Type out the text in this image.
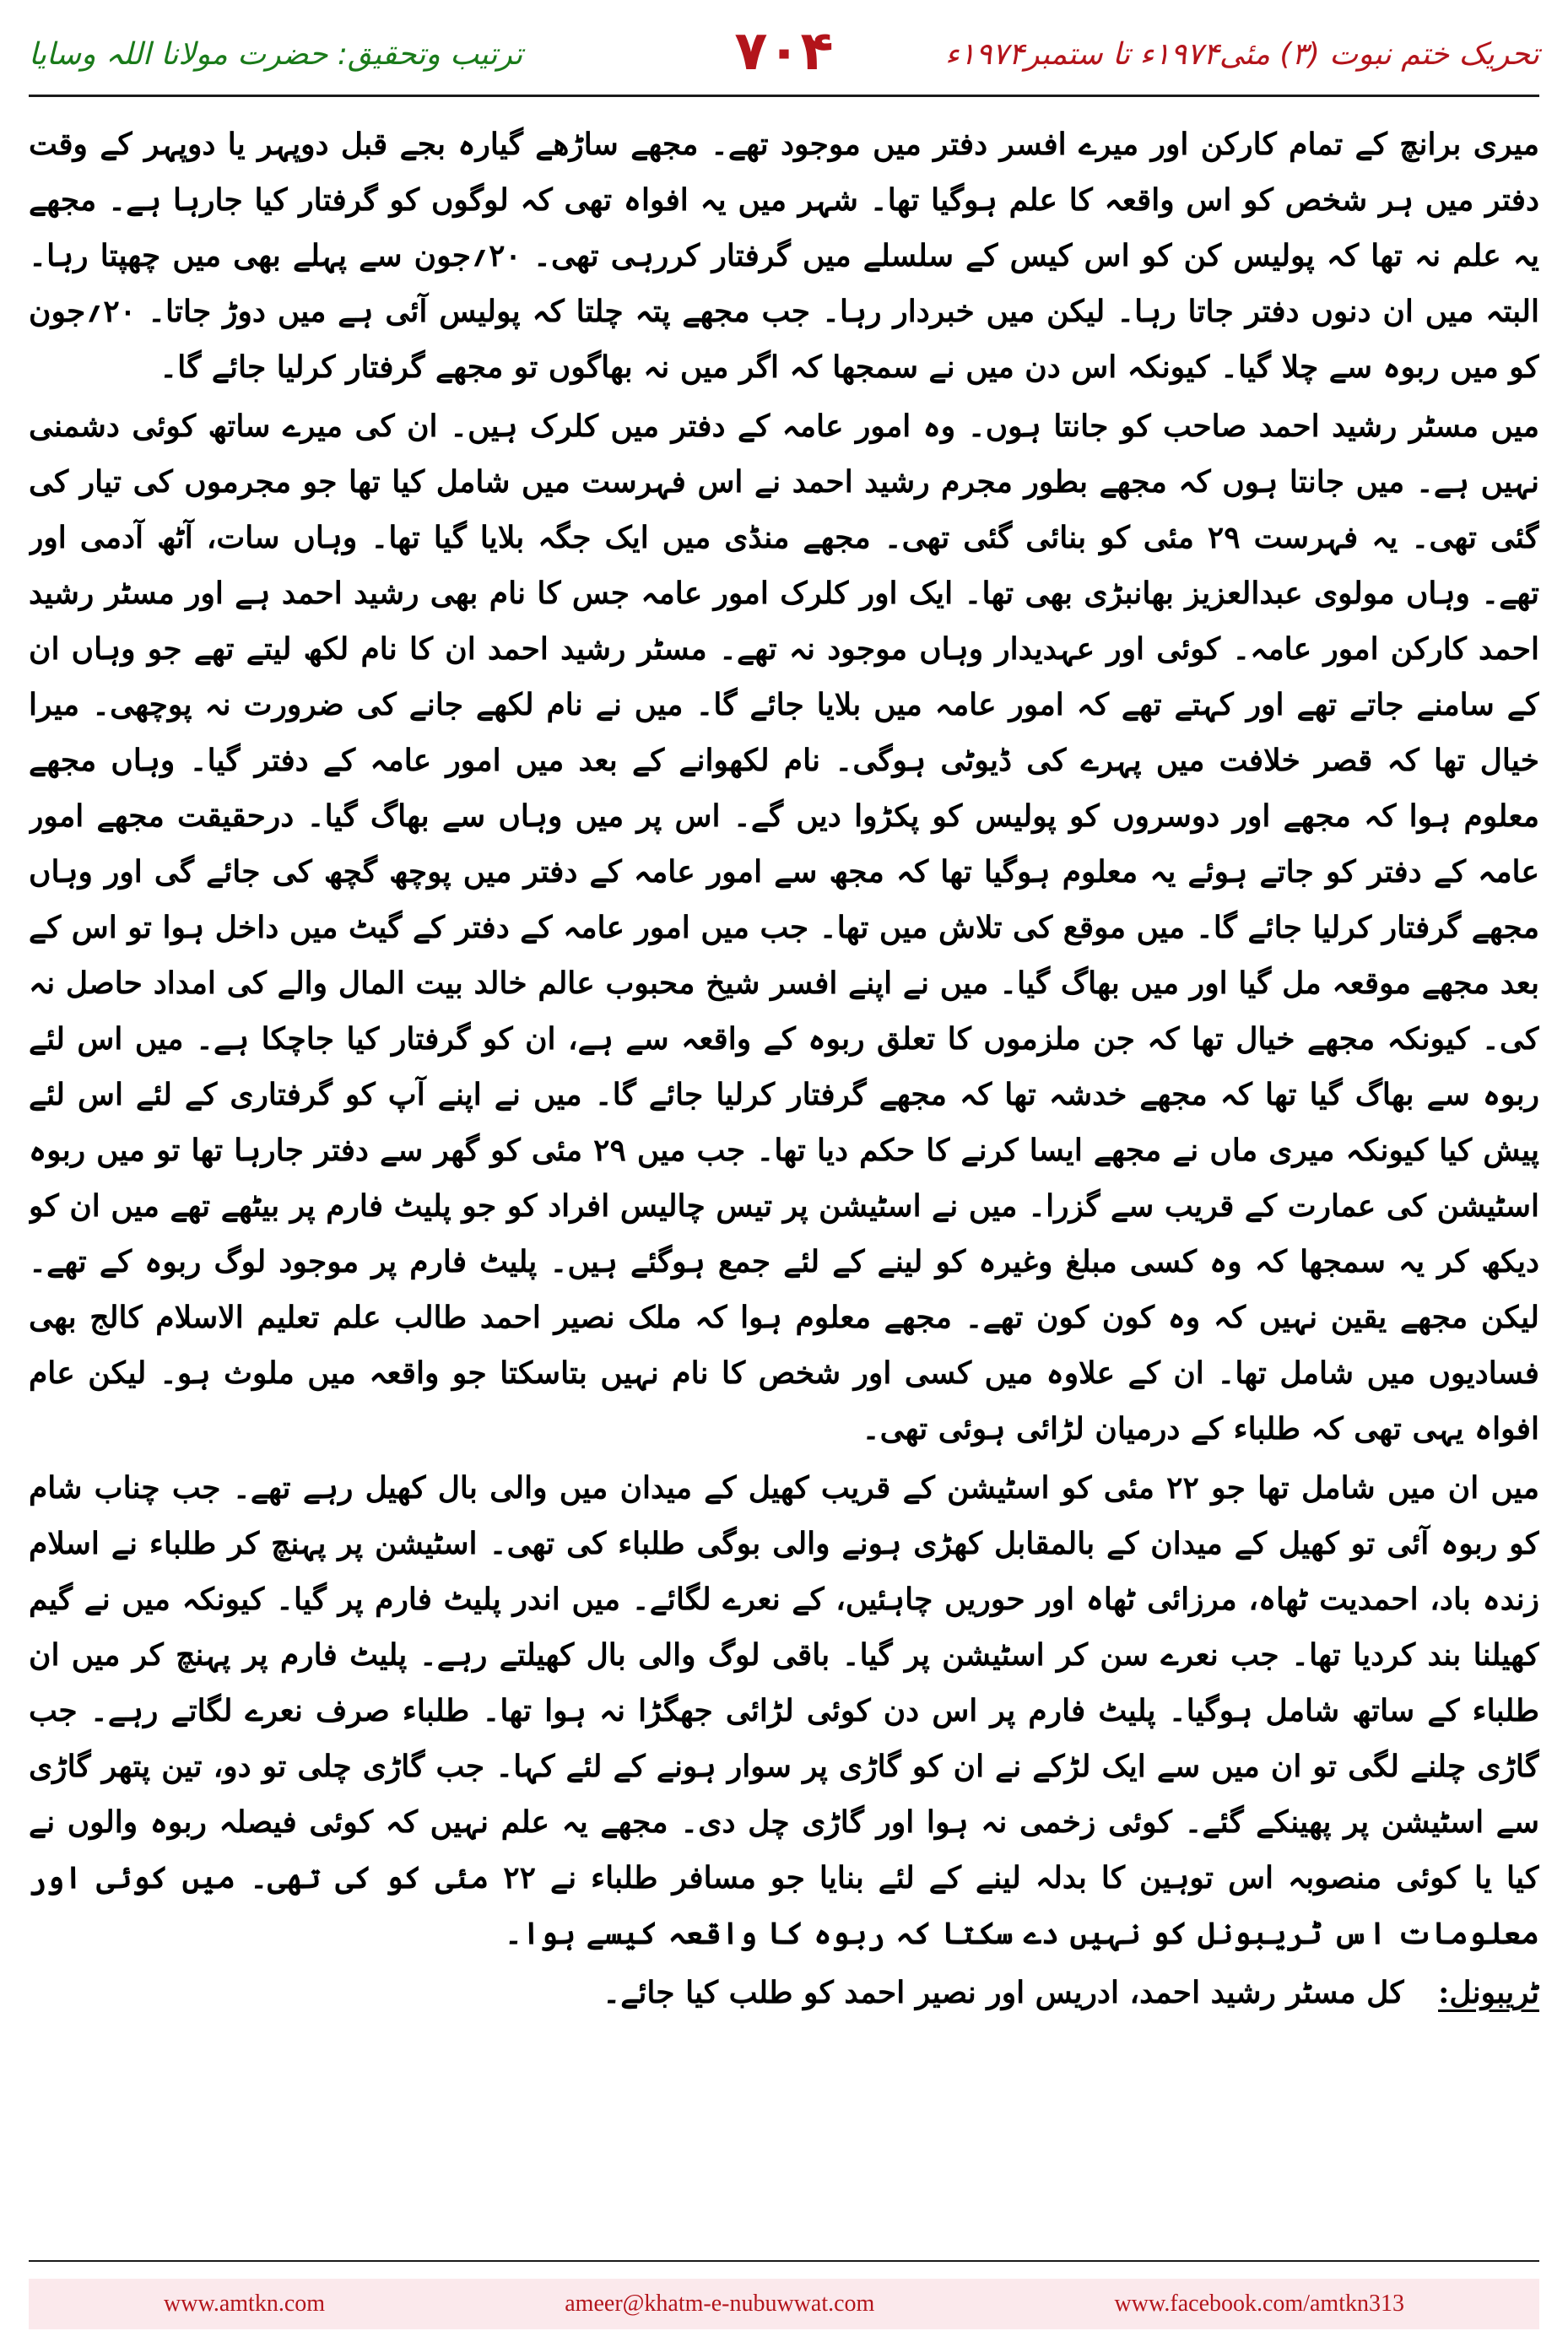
ترتیب وتحقیق: حضرت مولانا اللہ وسایا	۷۰۴	تحریک ختم نبوت (۳) مئی۱۹۷۴ء تا ستمبر۱۹۷۴ء

میری برانچ کے تمام کارکن اور میرے افسر دفتر میں موجود تھے۔ مجھے ساڑھے گیارہ بجے قبل دوپہر یا دوپہر کے وقت دفتر میں ہر شخص کو اس واقعہ کا علم ہوگیا تھا۔ شہر میں یہ افواہ تھی کہ لوگوں کو گرفتار کیا جارہا ہے۔ مجھے یہ علم نہ تھا کہ پولیس کن کو اس کیس کے سلسلے میں گرفتار کررہی تھی۔ ۲۰؍جون سے پہلے بھی میں چھپتا رہا۔ البتہ میں ان دنوں دفتر جاتا رہا۔ لیکن میں خبردار رہا۔ جب مجھے پتہ چلتا کہ پولیس آئی ہے میں دوڑ جاتا۔ ۲۰؍جون کو میں ربوہ سے چلا گیا۔ کیونکہ اس دن میں نے سمجھا کہ اگر میں نہ بھاگوں تو مجھے گرفتار کرلیا جائے گا۔

میں مسٹر رشید احمد صاحب کو جانتا ہوں۔ وہ امور عامہ کے دفتر میں کلرک ہیں۔ ان کی میرے ساتھ کوئی دشمنی نہیں ہے۔ میں جانتا ہوں کہ مجھے بطور مجرم رشید احمد نے اس فہرست میں شامل کیا تھا جو مجرموں کی تیار کی گئی تھی۔ یہ فہرست ۲۹ مئی کو بنائی گئی تھی۔ مجھے منڈی میں ایک جگہ بلایا گیا تھا۔ وہاں سات، آٹھ آدمی اور تھے۔ وہاں مولوی عبدالعزیز بھانبڑی بھی تھا۔ ایک اور کلرک امور عامہ جس کا نام بھی رشید احمد ہے اور مسٹر رشید احمد کارکن امور عامہ۔ کوئی اور عہدیدار وہاں موجود نہ تھے۔ مسٹر رشید احمد ان کا نام لکھ لیتے تھے جو وہاں ان کے سامنے جاتے تھے اور کہتے تھے کہ امور عامہ میں بلایا جائے گا۔ میں نے نام لکھے جانے کی ضرورت نہ پوچھی۔ میرا خیال تھا کہ قصر خلافت میں پہرے کی ڈیوٹی ہوگی۔ نام لکھوانے کے بعد میں امور عامہ کے دفتر گیا۔ وہاں مجھے معلوم ہوا کہ مجھے اور دوسروں کو پولیس کو پکڑوا دیں گے۔ اس پر میں وہاں سے بھاگ گیا۔ درحقیقت مجھے امور عامہ کے دفتر کو جاتے ہوئے یہ معلوم ہوگیا تھا کہ مجھ سے امور عامہ کے دفتر میں پوچھ گچھ کی جائے گی اور وہاں مجھے گرفتار کرلیا جائے گا۔ میں موقع کی تلاش میں تھا۔ جب میں امور عامہ کے دفتر کے گیٹ میں داخل ہوا تو اس کے بعد مجھے موقعہ مل گیا اور میں بھاگ گیا۔ میں نے اپنے افسر شیخ محبوب عالم خالد بیت المال والے کی امداد حاصل نہ کی۔ کیونکہ مجھے خیال تھا کہ جن ملزموں کا تعلق ربوہ کے واقعہ سے ہے، ان کو گرفتار کیا جاچکا ہے۔ میں اس لئے ربوہ سے بھاگ گیا تھا کہ مجھے خدشہ تھا کہ مجھے گرفتار کرلیا جائے گا۔ میں نے اپنے آپ کو گرفتاری کے لئے اس لئے پیش کیا کیونکہ میری ماں نے مجھے ایسا کرنے کا حکم دیا تھا۔ جب میں ۲۹ مئی کو گھر سے دفتر جارہا تھا تو میں ربوہ اسٹیشن کی عمارت کے قریب سے گزرا۔ میں نے اسٹیشن پر تیس چالیس افراد کو جو پلیٹ فارم پر بیٹھے تھے میں ان کو دیکھ کر یہ سمجھا کہ وہ کسی مبلغ وغیرہ کو لینے کے لئے جمع ہوگئے ہیں۔ پلیٹ فارم پر موجود لوگ ربوہ کے تھے۔ لیکن مجھے یقین نہیں کہ وہ کون کون تھے۔ مجھے معلوم ہوا کہ ملک نصیر احمد طالب علم تعلیم الاسلام کالج بھی فسادیوں میں شامل تھا۔ ان کے علاوہ میں کسی اور شخص کا نام نہیں بتاسکتا جو واقعہ میں ملوث ہو۔ لیکن عام افواہ یہی تھی کہ طلباء کے درمیان لڑائی ہوئی تھی۔

میں ان میں شامل تھا جو ۲۲ مئی کو اسٹیشن کے قریب کھیل کے میدان میں والی بال کھیل رہے تھے۔ جب چناب شام کو ربوہ آئی تو کھیل کے میدان کے بالمقابل کھڑی ہونے والی بوگی طلباء کی تھی۔ اسٹیشن پر پہنچ کر طلباء نے اسلام زندہ باد، احمدیت ٹھاہ، مرزائی ٹھاہ اور حوریں چاہئیں، کے نعرے لگائے۔ میں اندر پلیٹ فارم پر گیا۔ کیونکہ میں نے گیم کھیلنا بند کردیا تھا۔ جب نعرے سن کر اسٹیشن پر گیا۔ باقی لوگ والی بال کھیلتے رہے۔ پلیٹ فارم پر پہنچ کر میں ان طلباء کے ساتھ شامل ہوگیا۔ پلیٹ فارم پر اس دن کوئی لڑائی جھگڑا نہ ہوا تھا۔ طلباء صرف نعرے لگاتے رہے۔ جب گاڑی چلنے لگی تو ان میں سے ایک لڑکے نے ان کو گاڑی پر سوار ہونے کے لئے کہا۔ جب گاڑی چلی تو دو، تین پتھر گاڑی سے اسٹیشن پر پھینکے گئے۔ کوئی زخمی نہ ہوا اور گاڑی چل دی۔ مجھے یہ علم نہیں کہ کوئی فیصلہ ربوہ والوں نے کیا یا کوئی منصوبہ اس توہین کا بدلہ لینے کے لئے بنایا جو مسافر طلباء نے ۲۲ مئی کو کی تھی۔ میں کوئی اور معلومات اس ٹریبونل کو نہیں دے سکتا کہ ربوہ کا واقعہ کیسے ہوا۔

ٹریبونل: کل مسٹر رشید احمد، ادریس اور نصیر احمد کو طلب کیا جائے۔

www.amtkn.com	ameer@khatm-e-nubuwwat.com	www.facebook.com/amtkn313
